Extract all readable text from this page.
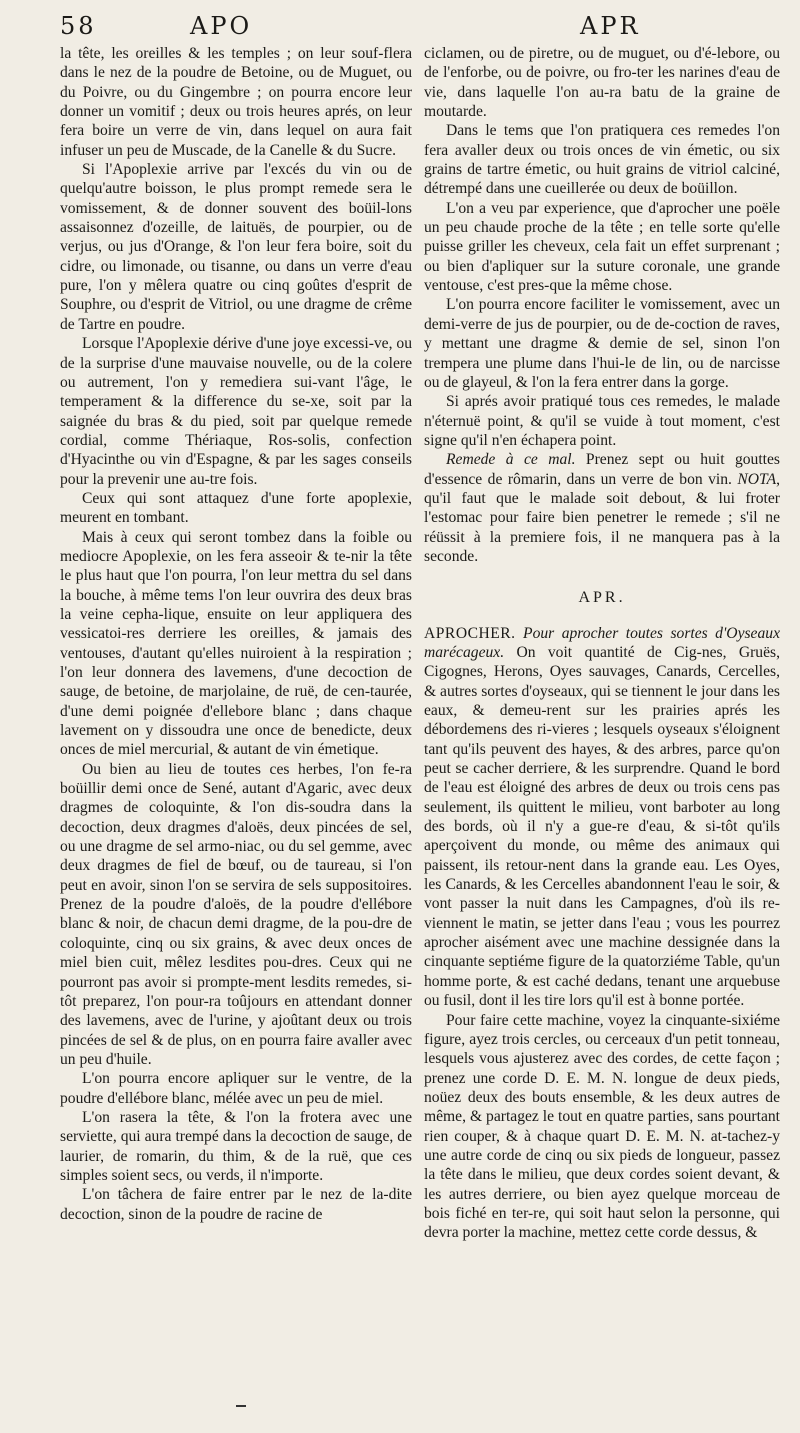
58	APO	APR

la tête, les oreilles & les temples ; on leur souf-flera dans le nez de la poudre de Betoine, ou de Muguet, ou du Poivre, ou du Gingembre ; on pourra encore leur donner un vomitif ; deux ou trois heures aprés, on leur fera boire un verre de vin, dans lequel on aura fait infuser un peu de Muscade, de la Canelle & du Sucre.

Si l'Apoplexie arrive par l'excés du vin ou de quelqu'autre boisson, le plus prompt remede sera le vomissement, & de donner souvent des boüil-lons assaisonnez d'ozeille, de laituës, de pourpier, ou de verjus, ou jus d'Orange, & l'on leur fera boire, soit du cidre, ou limonade, ou tisanne, ou dans un verre d'eau pure, l'on y mêlera quatre ou cinq goûtes d'esprit de Souphre, ou d'esprit de Vitriol, ou une dragme de crême de Tartre en poudre.

Lorsque l'Apoplexie dérive d'une joye excessi-ve, ou de la surprise d'une mauvaise nouvelle, ou de la colere ou autrement, l'on y remediera sui-vant l'âge, le temperament & la difference du se-xe, soit par la saignée du bras & du pied, soit par quelque remede cordial, comme Thériaque, Ros-solis, confection d'Hyacinthe ou vin d'Espagne, & par les sages conseils pour la prevenir une au-tre fois.

Ceux qui sont attaquez d'une forte apoplexie, meurent en tombant.

Mais à ceux qui seront tombez dans la foible ou mediocre Apoplexie, on les fera asseoir & te-nir la tête le plus haut que l'on pourra, l'on leur mettra du sel dans la bouche, à même tems l'on leur ouvrira des deux bras la veine cepha-lique, ensuite on leur appliquera des vessicatoi-res derriere les oreilles, & jamais des ventouses, d'autant qu'elles nuiroient à la respiration ; l'on leur donnera des lavemens, d'une decoction de sauge, de betoine, de marjolaine, de ruë, de cen-taurée, d'une demi poignée d'ellebore blanc ; dans chaque lavement on y dissoudra une once de benedicte, deux onces de miel mercurial, & autant de vin émetique.

Ou bien au lieu de toutes ces herbes, l'on fe-ra boüillir demi once de Sené, autant d'Agaric, avec deux dragmes de coloquinte, & l'on dis-soudra dans la decoction, deux dragmes d'aloës, deux pincées de sel, ou une dragme de sel armo-niac, ou du sel gemme, avec deux dragmes de fiel de bœuf, ou de taureau, si l'on peut en avoir, sinon l'on se servira de sels suppositoires. Prenez de la poudre d'aloës, de la poudre d'ellébore blanc & noir, de chacun demi dragme, de la pou-dre de coloquinte, cinq ou six grains, & avec deux onces de miel bien cuit, mêlez lesdites pou-dres. Ceux qui ne pourront pas avoir si prompte-ment lesdits remedes, si-tôt preparez, l'on pour-ra toûjours en attendant donner des lavemens, avec de l'urine, y ajoûtant deux ou trois pincées de sel & de plus, on en pourra faire avaller avec un peu d'huile.

L'on pourra encore apliquer sur le ventre, de la poudre d'ellébore blanc, mélée avec un peu de miel.

L'on rasera la tête, & l'on la frotera avec une serviette, qui aura trempé dans la decoction de sauge, de laurier, de romarin, du thim, & de la ruë, que ces simples soient secs, ou verds, il n'importe.

L'on tâchera de faire entrer par le nez de la-dite decoction, sinon de la poudre de racine de

ciclamen, ou de piretre, ou de muguet, ou d'é-lebore, ou de l'enforbe, ou de poivre, ou fro-ter les narines d'eau de vie, dans laquelle l'on au-ra batu de la graine de moutarde.

Dans le tems que l'on pratiquera ces remedes l'on fera avaller deux ou trois onces de vin émetic, ou six grains de tartre émetic, ou huit grains de vitriol calciné, détrempé dans une cueillerée ou deux de boüillon.

L'on a veu par experience, que d'aprocher une poële un peu chaude proche de la tête ; en telle sorte qu'elle puisse griller les cheveux, cela fait un effet surprenant ; ou bien d'apliquer sur la suture coronale, une grande ventouse, c'est pres-que la même chose.

L'on pourra encore faciliter le vomissement, avec un demi-verre de jus de pourpier, ou de de-coction de raves, y mettant une dragme & demie de sel, sinon l'on trempera une plume dans l'hui-le de lin, ou de narcisse ou de glayeul, & l'on la fera entrer dans la gorge.

Si aprés avoir pratiqué tous ces remedes, le malade n'éternuë point, & qu'il se vuide à tout moment, c'est signe qu'il n'en échapera point.

Remede à ce mal. Prenez sept ou huit gouttes d'essence de rômarin, dans un verre de bon vin. NOTA, qu'il faut que le malade soit debout, & lui froter l'estomac pour faire bien penetrer le remede ; s'il ne réüssit à la premiere fois, il ne manquera pas à la seconde.

APR.

APROCHER. Pour aprocher toutes sortes d'Oyseaux marécageux. On voit quantité de Cig-nes, Gruës, Cigognes, Herons, Oyes sauvages, Canards, Cercelles, & autres sortes d'oyseaux, qui se tiennent le jour dans les eaux, & demeu-rent sur les prairies aprés les débordemens des ri-vieres ; lesquels oyseaux s'éloignent tant qu'ils peuvent des hayes, & des arbres, parce qu'on peut se cacher derriere, & les surprendre. Quand le bord de l'eau est éloigné des arbres de deux ou trois cens pas seulement, ils quittent le milieu, vont barboter au long des bords, où il n'y a gue-re d'eau, & si-tôt qu'ils aperçoivent du monde, ou même des animaux qui paissent, ils retour-nent dans la grande eau. Les Oyes, les Canards, & les Cercelles abandonnent l'eau le soir, & vont passer la nuit dans les Campagnes, d'où ils re-viennent le matin, se jetter dans l'eau ; vous les pourrez aprocher aisément avec une machine dessignée dans la cinquante septiéme figure de la quatorziéme Table, qu'un homme porte, & est caché dedans, tenant une arquebuse ou fusil, dont il les tire lors qu'il est à bonne portée.

Pour faire cette machine, voyez la cinquante-sixiéme figure, ayez trois cercles, ou cerceaux d'un petit tonneau, lesquels vous ajusterez avec des cordes, de cette façon ; prenez une corde D. E. M. N. longue de deux pieds, noüez deux des bouts ensemble, & les deux autres de même, & partagez le tout en quatre parties, sans pourtant rien couper, & à chaque quart D. E. M. N. at-tachez-y une autre corde de cinq ou six pieds de longueur, passez la tête dans le milieu, que deux cordes soient devant, & les autres derriere, ou bien ayez quelque morceau de bois fiché en ter-re, qui soit haut selon la personne, qui devra porter la machine, mettez cette corde dessus, &
